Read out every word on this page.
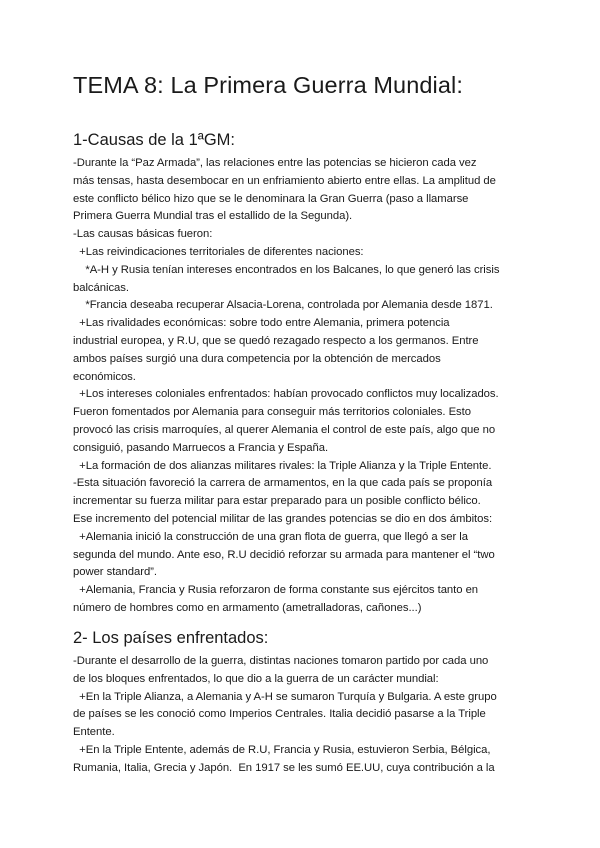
TEMA 8: La Primera Guerra Mundial:
1-Causas de la 1ªGM:
-Durante la “Paz Armada”, las relaciones entre las potencias se hicieron cada vez
más tensas, hasta desembocar en un enfriamiento abierto entre ellas. La amplitud de
este conflicto bélico hizo que se le denominara la Gran Guerra (paso a llamarse
Primera Guerra Mundial tras el estallido de la Segunda).
-Las causas básicas fueron:
+Las reivindicaciones territoriales de diferentes naciones:
*A-H y Rusia tenían intereses encontrados en los Balcanes, lo que generó las crisis
balcánicas.
*Francia deseaba recuperar Alsacia-Lorena, controlada por Alemania desde 1871.
+Las rivalidades económicas: sobre todo entre Alemania, primera potencia
industrial europea, y R.U, que se quedó rezagado respecto a los germanos. Entre
ambos países surgió una dura competencia por la obtención de mercados
económicos.
+Los intereses coloniales enfrentados: habían provocado conflictos muy localizados.
Fueron fomentados por Alemania para conseguir más territorios coloniales. Esto
provocó las crisis marroquíes, al querer Alemania el control de este país, algo que no
consiguió, pasando Marruecos a Francia y España.
+La formación de dos alianzas militares rivales: la Triple Alianza y la Triple Entente.
-Esta situación favoreció la carrera de armamentos, en la que cada país se proponía
incrementar su fuerza militar para estar preparado para un posible conflicto bélico.
Ese incremento del potencial militar de las grandes potencias se dio en dos ámbitos:
+Alemania inició la construcción de una gran flota de guerra, que llegó a ser la
segunda del mundo. Ante eso, R.U decidió reforzar su armada para mantener el “two
power standard”.
+Alemania, Francia y Rusia reforzaron de forma constante sus ejércitos tanto en
número de hombres como en armamento (ametralladoras, cañones...)
2- Los países enfrentados:
-Durante el desarrollo de la guerra, distintas naciones tomaron partido por cada uno
de los bloques enfrentados, lo que dio a la guerra de un carácter mundial:
+En la Triple Alianza, a Alemania y A-H se sumaron Turquía y Bulgaria. A este grupo
de países se les conoció como Imperios Centrales. Italia decidió pasarse a la Triple
Entente.
+En la Triple Entente, además de R.U, Francia y Rusia, estuvieron Serbia, Bélgica,
Rumania, Italia, Grecia y Japón.  En 1917 se les sumó EE.UU, cuya contribución a la
